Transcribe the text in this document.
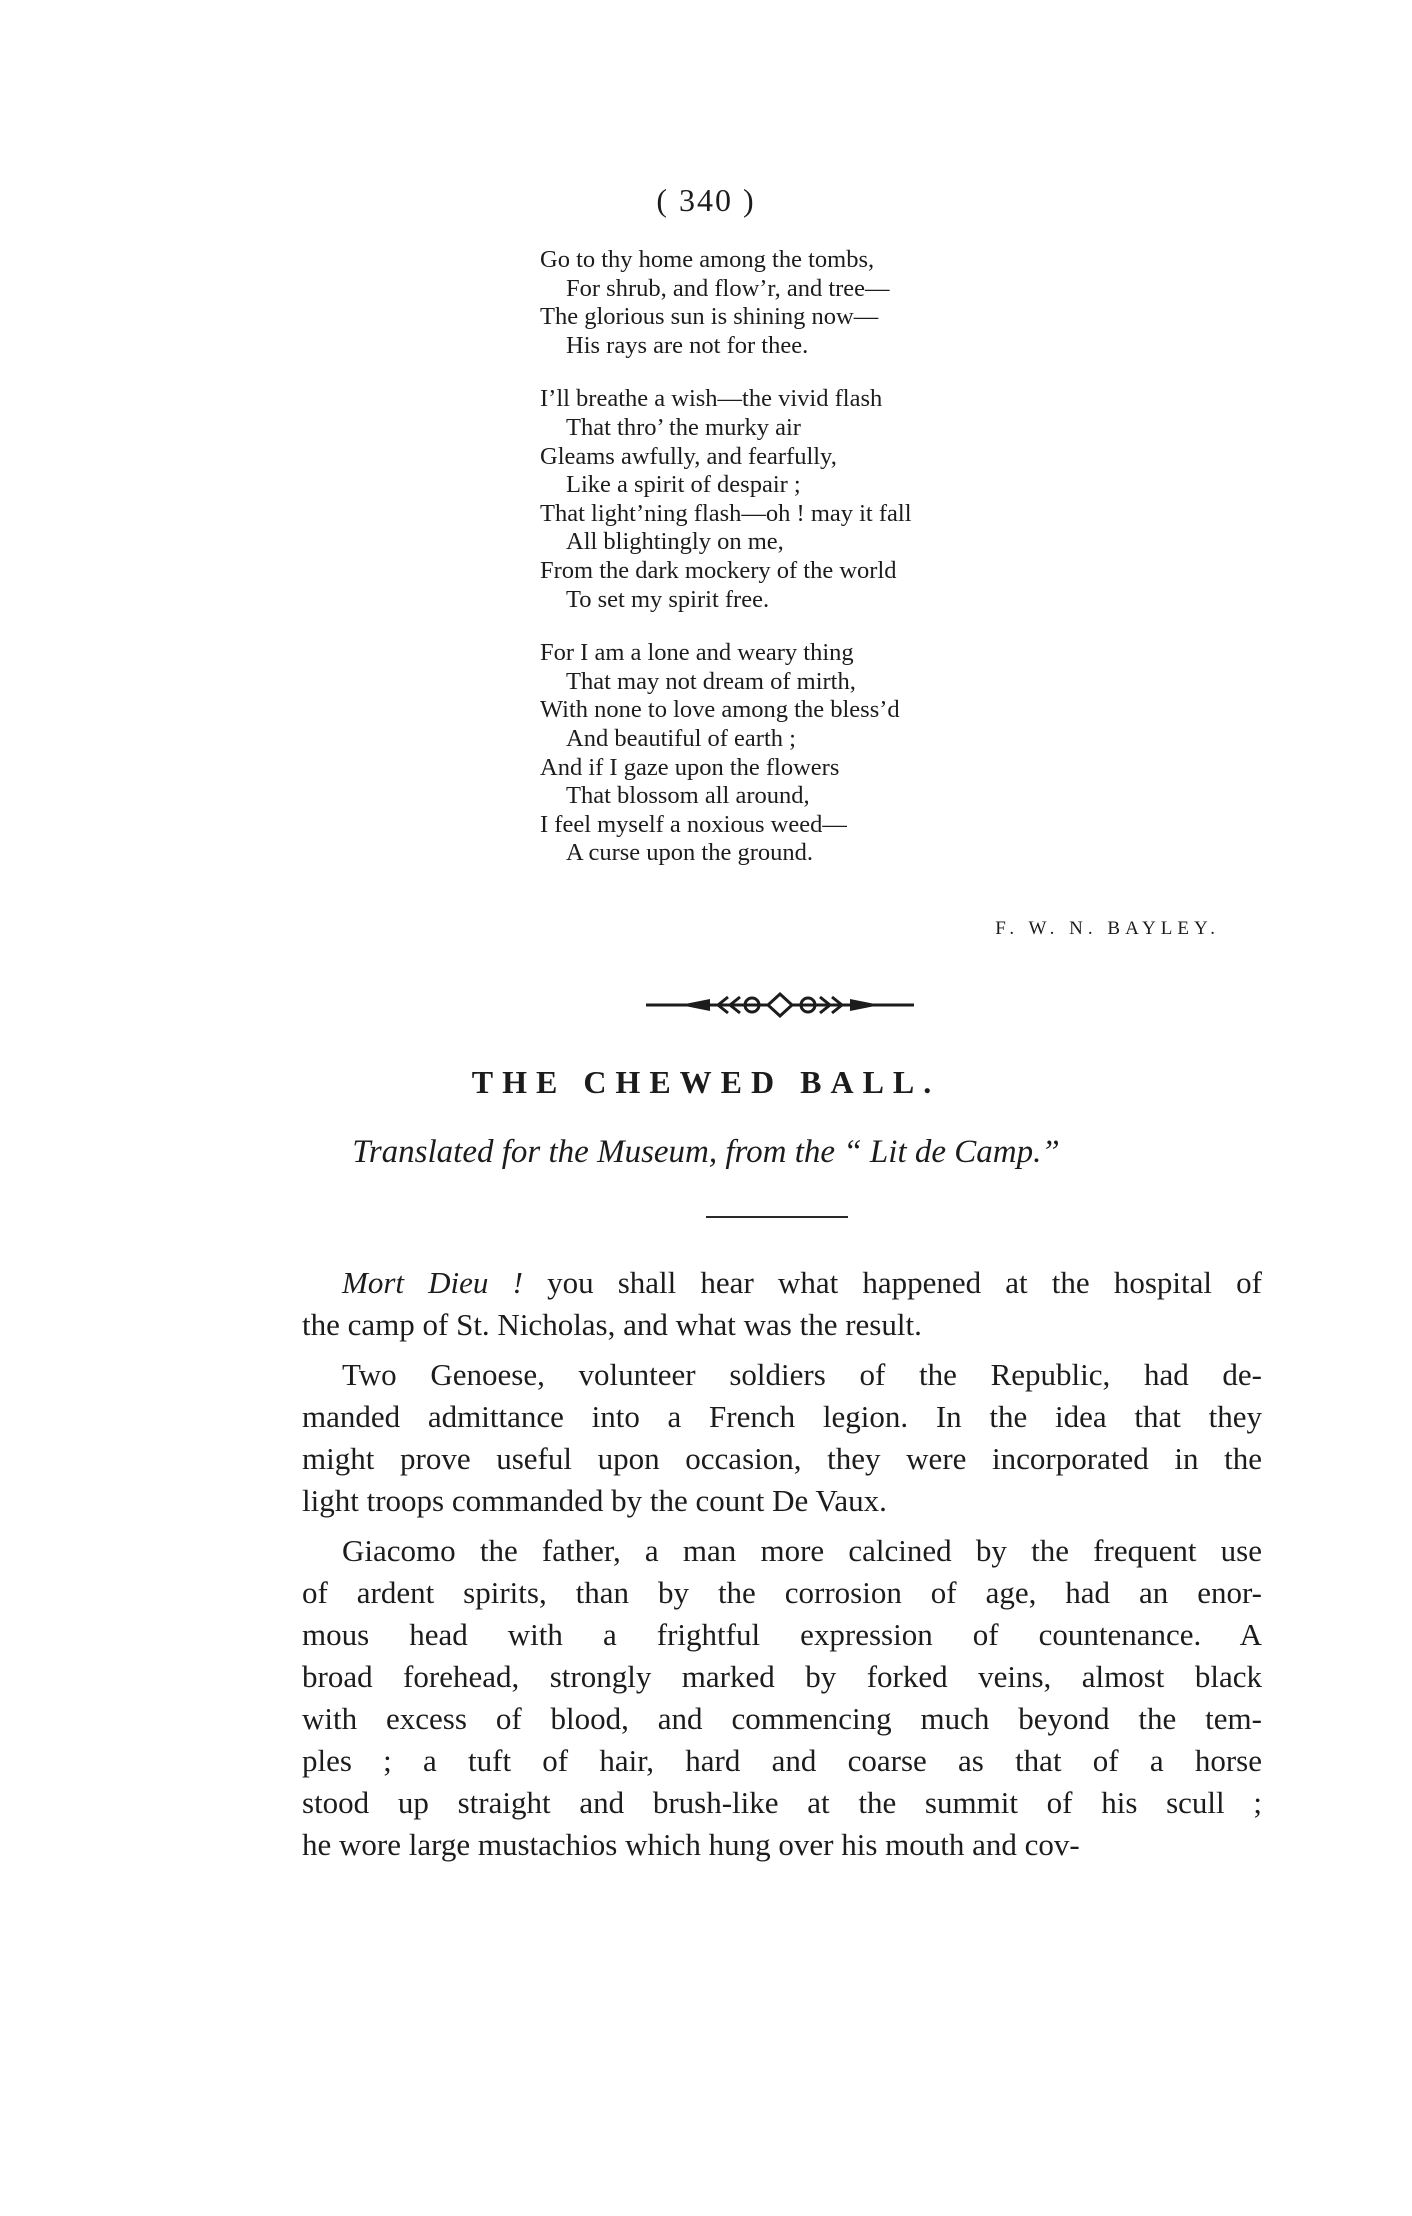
( 340 )
Go to thy home among the tombs,
For shrub, and flow’r, and tree—
The glorious sun is shining now—
His rays are not for thee.
I’ll breathe a wish—the vivid flash
That thro’ the murky air
Gleams awfully, and fearfully,
Like a spirit of despair ;
That light’ning flash—oh ! may it fall
All blightingly on me,
From the dark mockery of the world
To set my spirit free.
For I am a lone and weary thing
That may not dream of mirth,
With none to love among the bless’d
And beautiful of earth ;
And if I gaze upon the flowers
That blossom all around,
I feel myself a noxious weed—
A curse upon the ground.
F. W. N. BAYLEY.
THE CHEWED BALL.
Translated for the Museum, from the “ Lit de Camp.”
Mort Dieu ! you shall hear what happened at the hospital of
the camp of St. Nicholas, and what was the result.
Two Genoese, volunteer soldiers of the Republic, had de-
manded admittance into a French legion. In the idea that they
might prove useful upon occasion, they were incorporated in the
light troops commanded by the count De Vaux.
Giacomo the father, a man more calcined by the frequent use
of ardent spirits, than by the corrosion of age, had an enor-
mous head with a frightful expression of countenance. A
broad forehead, strongly marked by forked veins, almost black
with excess of blood, and commencing much beyond the tem-
ples ; a tuft of hair, hard and coarse as that of a horse
stood up straight and brush-like at the summit of his scull ;
he wore large mustachios which hung over his mouth and cov-
